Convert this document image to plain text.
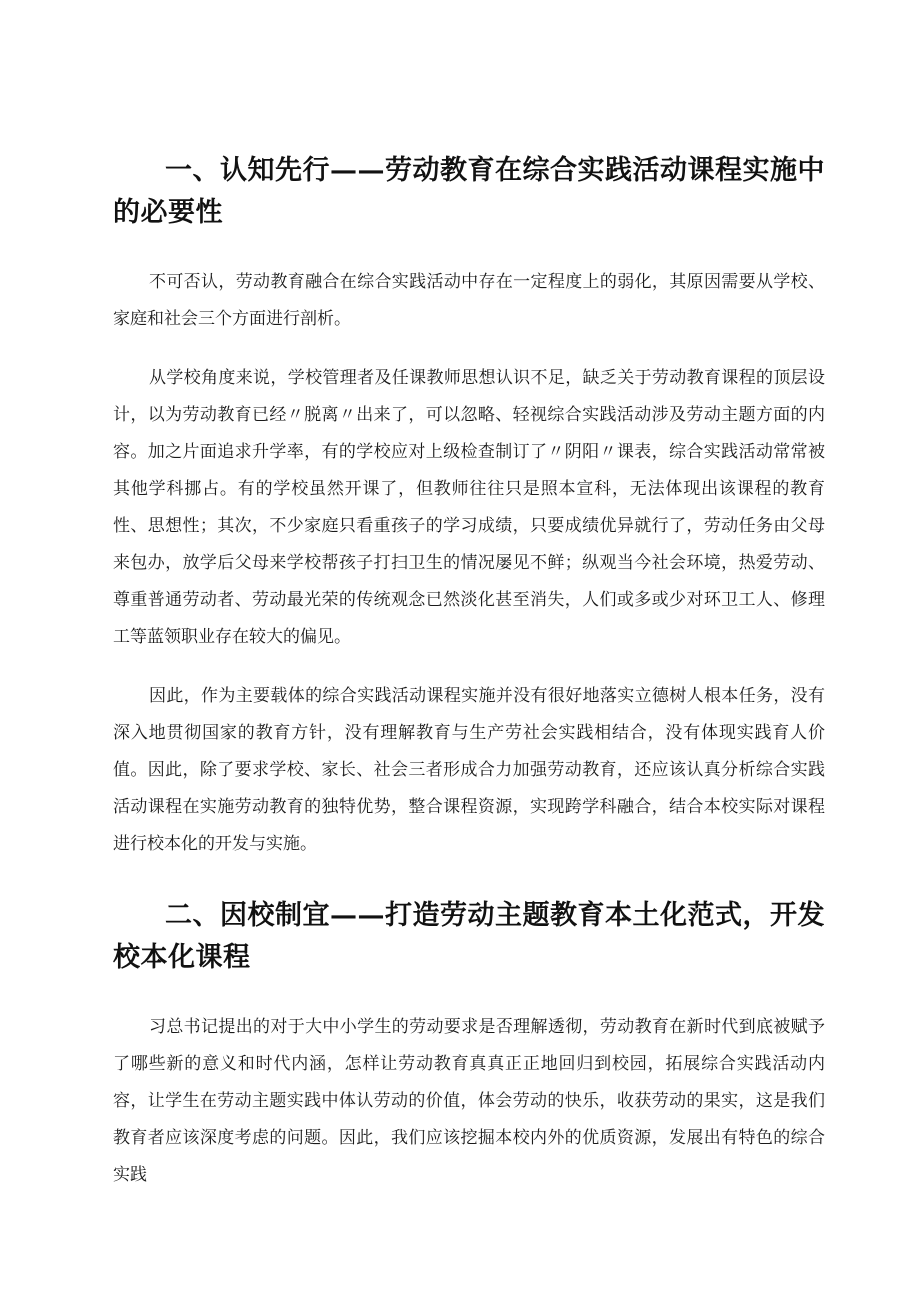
一、认知先行——劳动教育在综合实践活动课程实施中的必要性

不可否认，劳动教育融合在综合实践活动中存在一定程度上的弱化，其原因需要从学校、家庭和社会三个方面进行剖析。

从学校角度来说，学校管理者及任课教师思想认识不足，缺乏关于劳动教育课程的顶层设计，以为劳动教育已经〃脱离〃出来了，可以忽略、轻视综合实践活动涉及劳动主题方面的内容。加之片面追求升学率，有的学校应对上级检查制订了〃阴阳〃课表，综合实践活动常常被其他学科挪占。有的学校虽然开课了，但教师往往只是照本宣科，无法体现出该课程的教育性、思想性；其次，不少家庭只看重孩子的学习成绩，只要成绩优异就行了，劳动任务由父母来包办，放学后父母来学校帮孩子打扫卫生的情况屡见不鲜；纵观当今社会环境，热爱劳动、尊重普通劳动者、劳动最光荣的传统观念已然淡化甚至消失，人们或多或少对环卫工人、修理工等蓝领职业存在较大的偏见。

因此，作为主要载体的综合实践活动课程实施并没有很好地落实立德树人根本任务，没有深入地贯彻国家的教育方针，没有理解教育与生产劳社会实践相结合，没有体现实践育人价值。因此，除了要求学校、家长、社会三者形成合力加强劳动教育，还应该认真分析综合实践活动课程在实施劳动教育的独特优势，整合课程资源，实现跨学科融合，结合本校实际对课程进行校本化的开发与实施。

二、因校制宜——打造劳动主题教育本土化范式，开发校本化课程

习总书记提出的对于大中小学生的劳动要求是否理解透彻，劳动教育在新时代到底被赋予了哪些新的意义和时代内涵，怎样让劳动教育真真正正地回归到校园，拓展综合实践活动内容，让学生在劳动主题实践中体认劳动的价值，体会劳动的快乐，收获劳动的果实，这是我们教育者应该深度考虑的问题。因此，我们应该挖掘本校内外的优质资源，发展出有特色的综合实践
